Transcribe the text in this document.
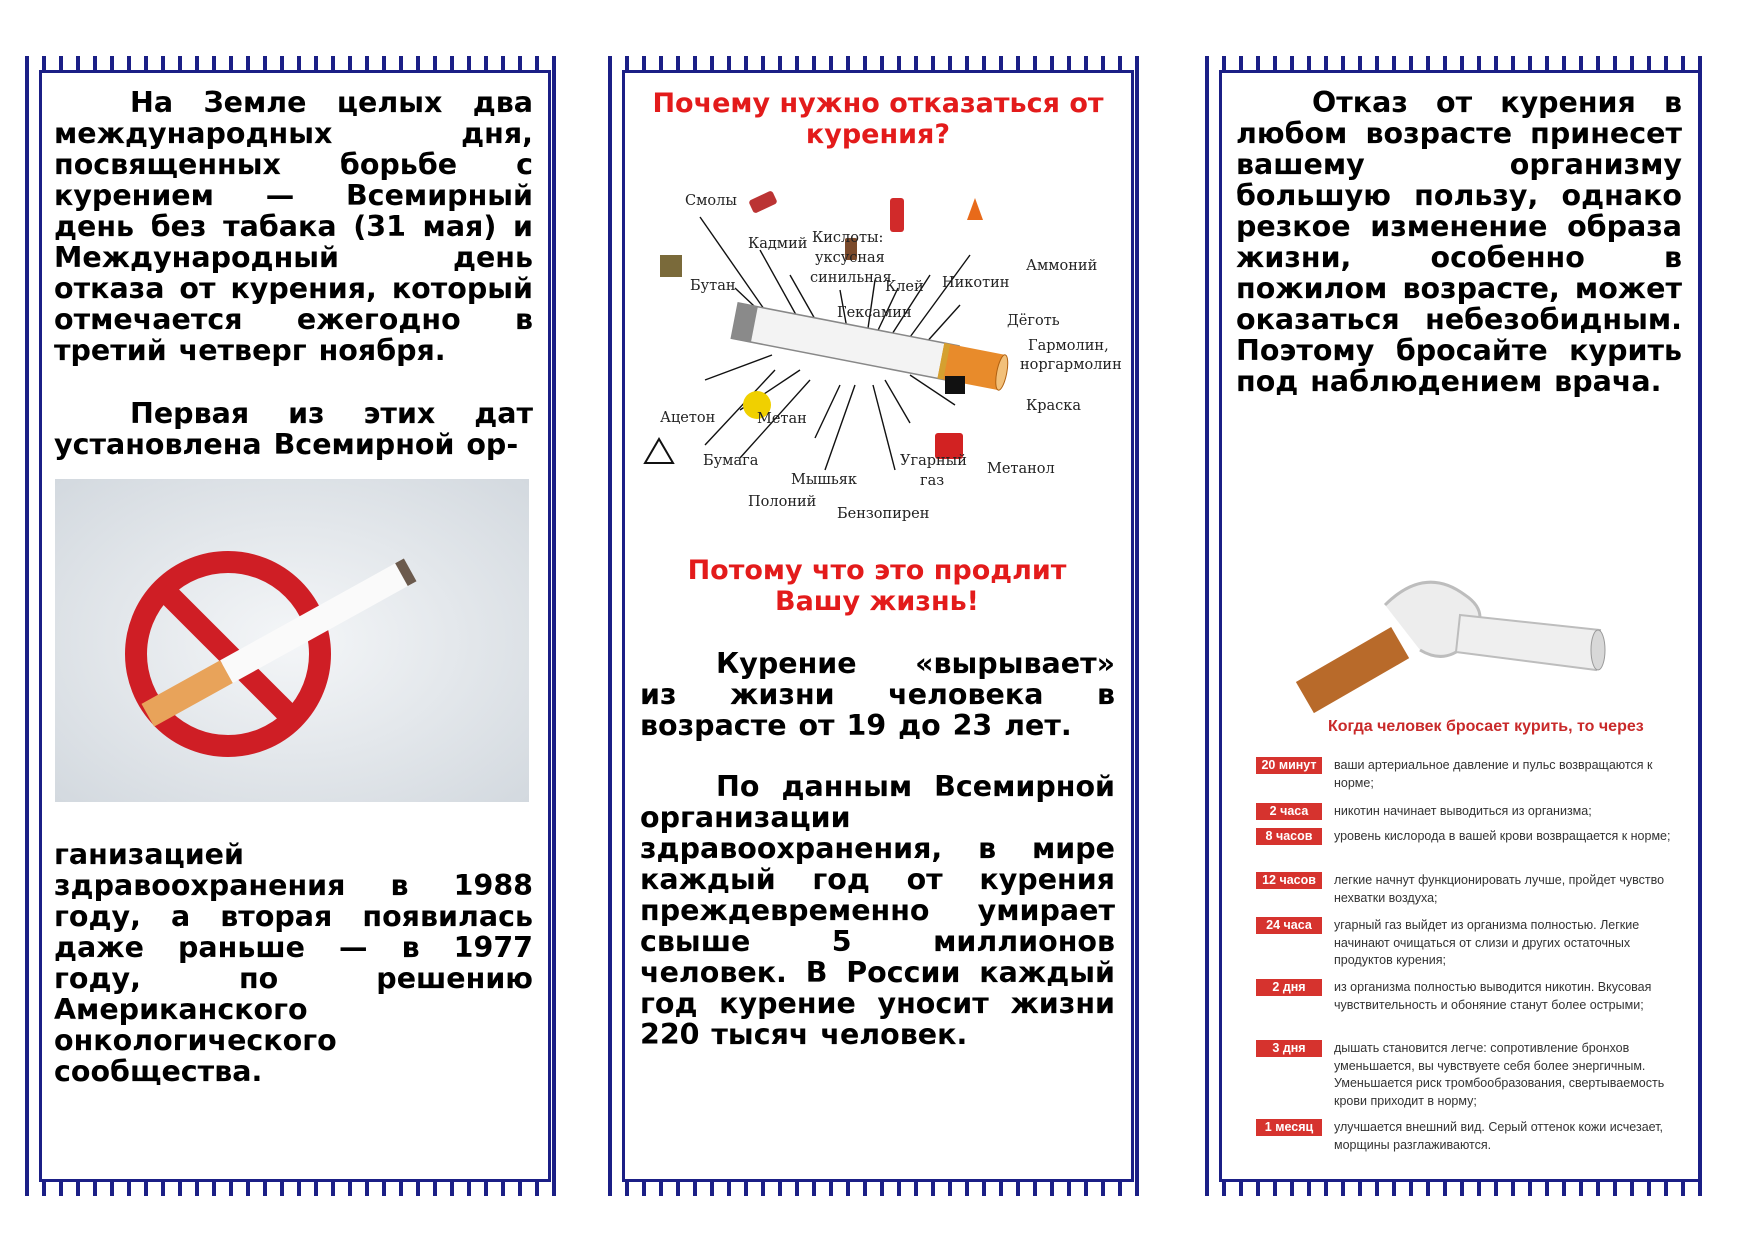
На Земле целых два международных дня, посвященных борьбе с курением — Всемирный день без табака (31 мая) и Международный день отказа от курения, который отмечается ежегодно в третий четверг ноября.
Первая из этих дат установлена Всемирной ор-
ганизацией здравоохранения в 1988 году, а вторая появилась даже раньше — в 1977 году, по решению Американского онкологического сообщества.
Почему нужно отказаться от курения?
Смолы
Кадмий Кислоты:
уксусная
синильная
Клей Никотин
Аммоний
Бутан
Гексамин	Дёготь
Гармолин,
норгармолин
Ацетон	Метан
Краска
Бумага
Мышьяк
Угарный
газ
Метанол
Полоний
Бензопирен
Потому что это продлит Вашу жизнь!
Курение «вырывает» из жизни человека в возрасте от 19 до 23 лет.
По данным Всемирной организации здравоохранения, в мире каждый год от курения преждевременно умирает свыше 5 миллионов человек. В России каждый год курение уносит жизни 220 тысяч человек.
Отказ от курения в любом возрасте принесет вашему организму большую пользу, однако резкое изменение образа жизни, особенно в пожилом возрасте, может оказаться небезобидным. Поэтому бросайте курить под наблюдением врача.
Когда человек бросает курить, то через
20 минут	ваши артериальное давление и пульс возвращаются к норме;
2 часа	никотин начинает выводиться из организма;
8 часов	уровень кислорода в вашей крови возвращается к норме;
12 часов	легкие начнут функционировать лучше, пройдет чувство нехватки воздуха;
24 часа	угарный газ выйдет из организма полностью. Легкие начинают очищаться от слизи и других остаточных продуктов курения;
2 дня	из организма полностью выводится никотин. Вкусовая чувствительность и обоняние станут более острыми;
3 дня	дышать становится легче: сопротивление бронхов уменьшается, вы чувствуете себя более энергичным. Уменьшается риск тромбообразования, свертываемость крови приходит в норму;
1 месяц	улучшается внешний вид. Серый оттенок кожи исчезает, морщины разглаживаются.
